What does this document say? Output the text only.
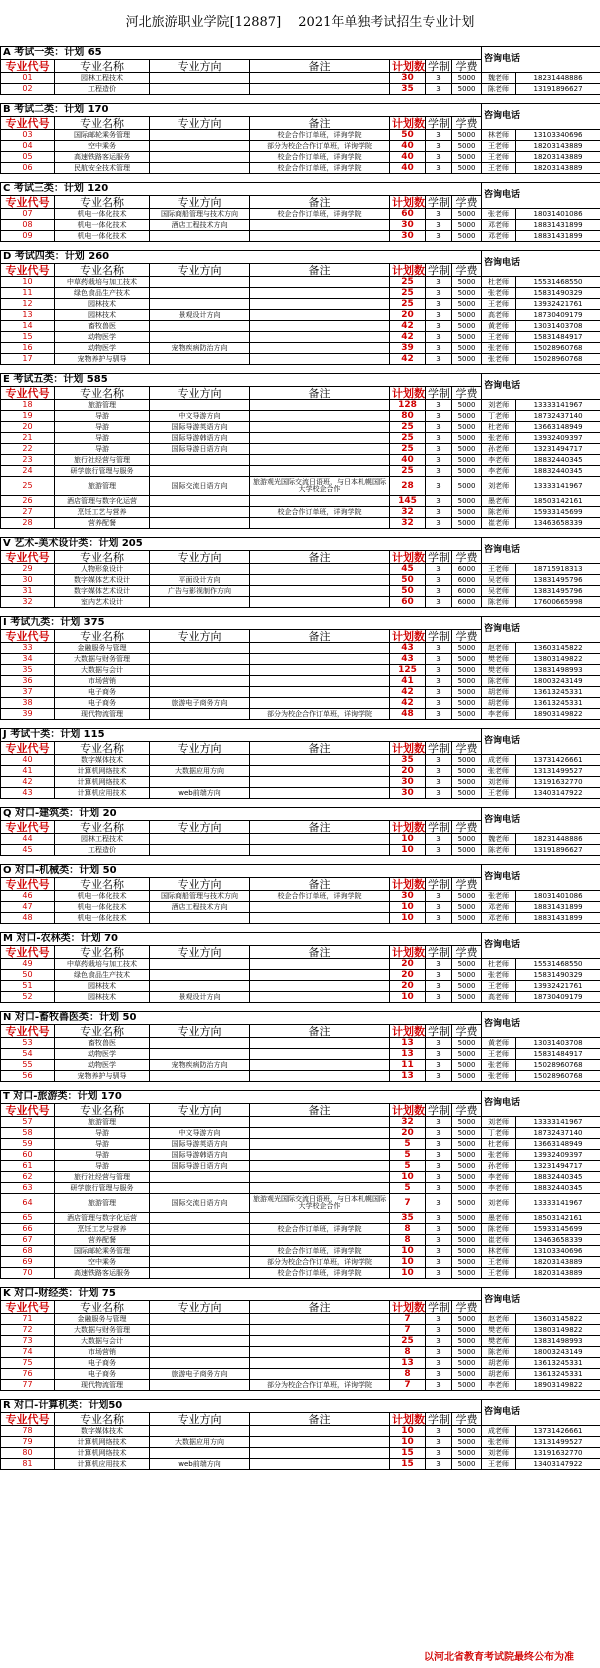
河北旅游职业学院[12887]　 2021年单独考试招生专业计划
A 考试一类：计划 65							咨询电话	
专业代号	专业名称	专业方向	备注	计划数	学制	学费		
01	园林工程技术			30	3	5000	魏老师	18231448886
02	工程造价			35	3	5000	陈老师	13191896627
B 考试二类：计划 170							咨询电话	
专业代号	专业名称	专业方向	备注	计划数	学制	学费		
03	国际邮轮乘务管理		校企合作订单班，详询学院	50	3	5000	林老师	13103340696
04	空中乘务		部分为校企合作订单班，详询学院	40	3	5000	王老师	18203143889
05	高速铁路客运服务		校企合作订单班，详询学院	40	3	5000	王老师	18203143889
06	民航安全技术管理		校企合作订单班，详询学院	40	3	5000	王老师	18203143889
C 考试三类：计划 120							咨询电话	
专业代号	专业名称	专业方向	备注	计划数	学制	学费		
07	机电一体化技术	国际商船管理与技术方向	校企合作订单班，详询学院	60	3	5000	张老师	18031401086
08	机电一体化技术	酒店工程技术方向		30	3	5000	邓老师	18831431899
09	机电一体化技术			30	3	5000	邓老师	18831431899
D 考试四类：计划 260							咨询电话	
专业代号	专业名称	专业方向	备注	计划数	学制	学费		
10	中草药栽培与加工技术			25	3	5000	杜老师	15531468550
11	绿色食品生产技术			25	3	5000	张老师	15831490329
12	园林技术			25	3	5000	王老师	13932421761
13	园林技术	景观设计方向		20	3	5000	高老师	18730409179
14	畜牧兽医			42	3	5000	黄老师	13031403708
15	动物医学			42	3	5000	王老师	15831484917
16	动物医学	宠物疾病防治方向		39	3	5000	张老师	15028960768
17	宠物养护与驯导			42	3	5000	张老师	15028960768
E 考试五类：计划 585							咨询电话	
专业代号	专业名称	专业方向	备注	计划数	学制	学费		
18	旅游管理			128	3	5000	刘老师	13333141967
19	导游	中文导游方向		80	3	5000	丁老师	18732437140
20	导游	国际导游英语方向		25	3	5000	杜老师	13663148949
21	导游	国际导游韩语方向		25	3	5000	张老师	13932409397
22	导游	国际导游日语方向		25	3	5000	孙老师	13231494717
23	旅行社经营与管理			40	3	5000	李老师	18832440345
24	研学旅行管理与服务			25	3	5000	李老师	18832440345
25	旅游管理	国际交流日语方向	旅游观光国际交流日语班，与日本札幌国际大学校企合作	28	3	5000	刘老师	13333141967
26	酒店管理与数字化运营			145	3	5000	墨老师	18503142161
27	烹饪工艺与营养		校企合作订单班，详询学院	32	3	5000	陈老师	15933145699
28	营养配餐			32	3	5000	崔老师	13463658339
V 艺术-美术设计类：计划 205							咨询电话	
专业代号	专业名称	专业方向	备注	计划数	学制	学费		
29	人物形象设计			45	3	6000	王老师	18715918313
30	数字媒体艺术设计	平面设计方向		50	3	6000	吴老师	13831495796
31	数字媒体艺术设计	广告与影视制作方向		50	3	6000	吴老师	13831495796
32	室内艺术设计			60	3	6000	陈老师	17600665998
I 考试九类：计划 375							咨询电话	
专业代号	专业名称	专业方向	备注	计划数	学制	学费		
33	金融服务与管理			43	3	5000	赵老师	13603145822
34	大数据与财务管理			43	3	5000	樊老师	13803149822
35	大数据与会计			125	3	5000	樊老师	13831498993
36	市场营销			41	3	5000	陈老师	18003243149
37	电子商务			42	3	5000	胡老师	13613245331
38	电子商务	旅游电子商务方向		42	3	5000	胡老师	13613245331
39	现代物流管理		部分为校企合作订单班，详询学院	48	3	5000	李老师	18903149822
J 考试十类：计划 115							咨询电话	
专业代号	专业名称	专业方向	备注	计划数	学制	学费		
40	数字媒体技术			35	3	5000	成老师	13731426661
41	计算机网络技术	大数据应用方向		20	3	5000	张老师	13131499527
42	计算机网络技术			30	3	5000	刘老师	13191632770
43	计算机应用技术	web前端方向		30	3	5000	王老师	13403147922
Q 对口-建筑类：计划 20							咨询电话	
专业代号	专业名称	专业方向	备注	计划数	学制	学费		
44	园林工程技术			10	3	5000	魏老师	18231448886
45	工程造价			10	3	5000	陈老师	13191896627
O 对口-机械类：计划 50							咨询电话	
专业代号	专业名称	专业方向	备注	计划数	学制	学费		
46	机电一体化技术	国际商船管理与技术方向	校企合作订单班，详询学院	30	3	5000	张老师	18031401086
47	机电一体化技术	酒店工程技术方向		10	3	5000	邓老师	18831431899
48	机电一体化技术			10	3	5000	邓老师	18831431899
M 对口-农林类：计划 70							咨询电话	
专业代号	专业名称	专业方向	备注	计划数	学制	学费		
49	中草药栽培与加工技术			20	3	5000	杜老师	15531468550
50	绿色食品生产技术			20	3	5000	张老师	15831490329
51	园林技术			20	3	5000	王老师	13932421761
52	园林技术	景观设计方向		10	3	5000	高老师	18730409179
N 对口-畜牧兽医类：计划 50							咨询电话	
专业代号	专业名称	专业方向	备注	计划数	学制	学费		
53	畜牧兽医			13	3	5000	黄老师	13031403708
54	动物医学			13	3	5000	王老师	15831484917
55	动物医学	宠物疾病防治方向		11	3	5000	张老师	15028960768
56	宠物养护与驯导			13	3	5000	张老师	15028960768
T 对口-旅游类：计划 170							咨询电话	
专业代号	专业名称	专业方向	备注	计划数	学制	学费		
57	旅游管理			32	3	5000	刘老师	13333141967
58	导游	中文导游方向		20	3	5000	丁老师	18732437140
59	导游	国际导游英语方向		5	3	5000	杜老师	13663148949
60	导游	国际导游韩语方向		5	3	5000	张老师	13932409397
61	导游	国际导游日语方向		5	3	5000	孙老师	13231494717
62	旅行社经营与管理			10	3	5000	李老师	18832440345
63	研学旅行管理与服务			5	3	5000	李老师	18832440345
64	旅游管理	国际交流日语方向	旅游观光国际交流日语班，与日本札幌国际大学校企合作	7	3	5000	刘老师	13333141967
65	酒店管理与数字化运营			35	3	5000	墨老师	18503142161
66	烹饪工艺与营养		校企合作订单班，详询学院	8	3	5000	陈老师	15933145699
67	营养配餐			8	3	5000	崔老师	13463658339
68	国际邮轮乘务管理		校企合作订单班，详询学院	10	3	5000	林老师	13103340696
69	空中乘务		部分为校企合作订单班，详询学院	10	3	5000	王老师	18203143889
70	高速铁路客运服务		校企合作订单班，详询学院	10	3	5000	王老师	18203143889
K 对口-财经类：计划 75							咨询电话	
专业代号	专业名称	专业方向	备注	计划数	学制	学费		
71	金融服务与管理			7	3	5000	赵老师	13603145822
72	大数据与财务管理			7	3	5000	樊老师	13803149822
73	大数据与会计			25	3	5000	樊老师	13831498993
74	市场营销			8	3	5000	陈老师	18003243149
75	电子商务			13	3	5000	胡老师	13613245331
76	电子商务	旅游电子商务方向		8	3	5000	胡老师	13613245331
77	现代物流管理		部分为校企合作订单班，详询学院	7	3	5000	李老师	18903149822
R 对口-计算机类：计划50							咨询电话	
专业代号	专业名称	专业方向	备注	计划数	学制	学费		
78	数字媒体技术			10	3	5000	成老师	13731426661
79	计算机网络技术	大数据应用方向		10	3	5000	张老师	13131499527
80	计算机网络技术			15	3	5000	刘老师	13191632770
81	计算机应用技术	web前端方向		15	3	5000	王老师	13403147922
以河北省教育考试院最终公布为准
